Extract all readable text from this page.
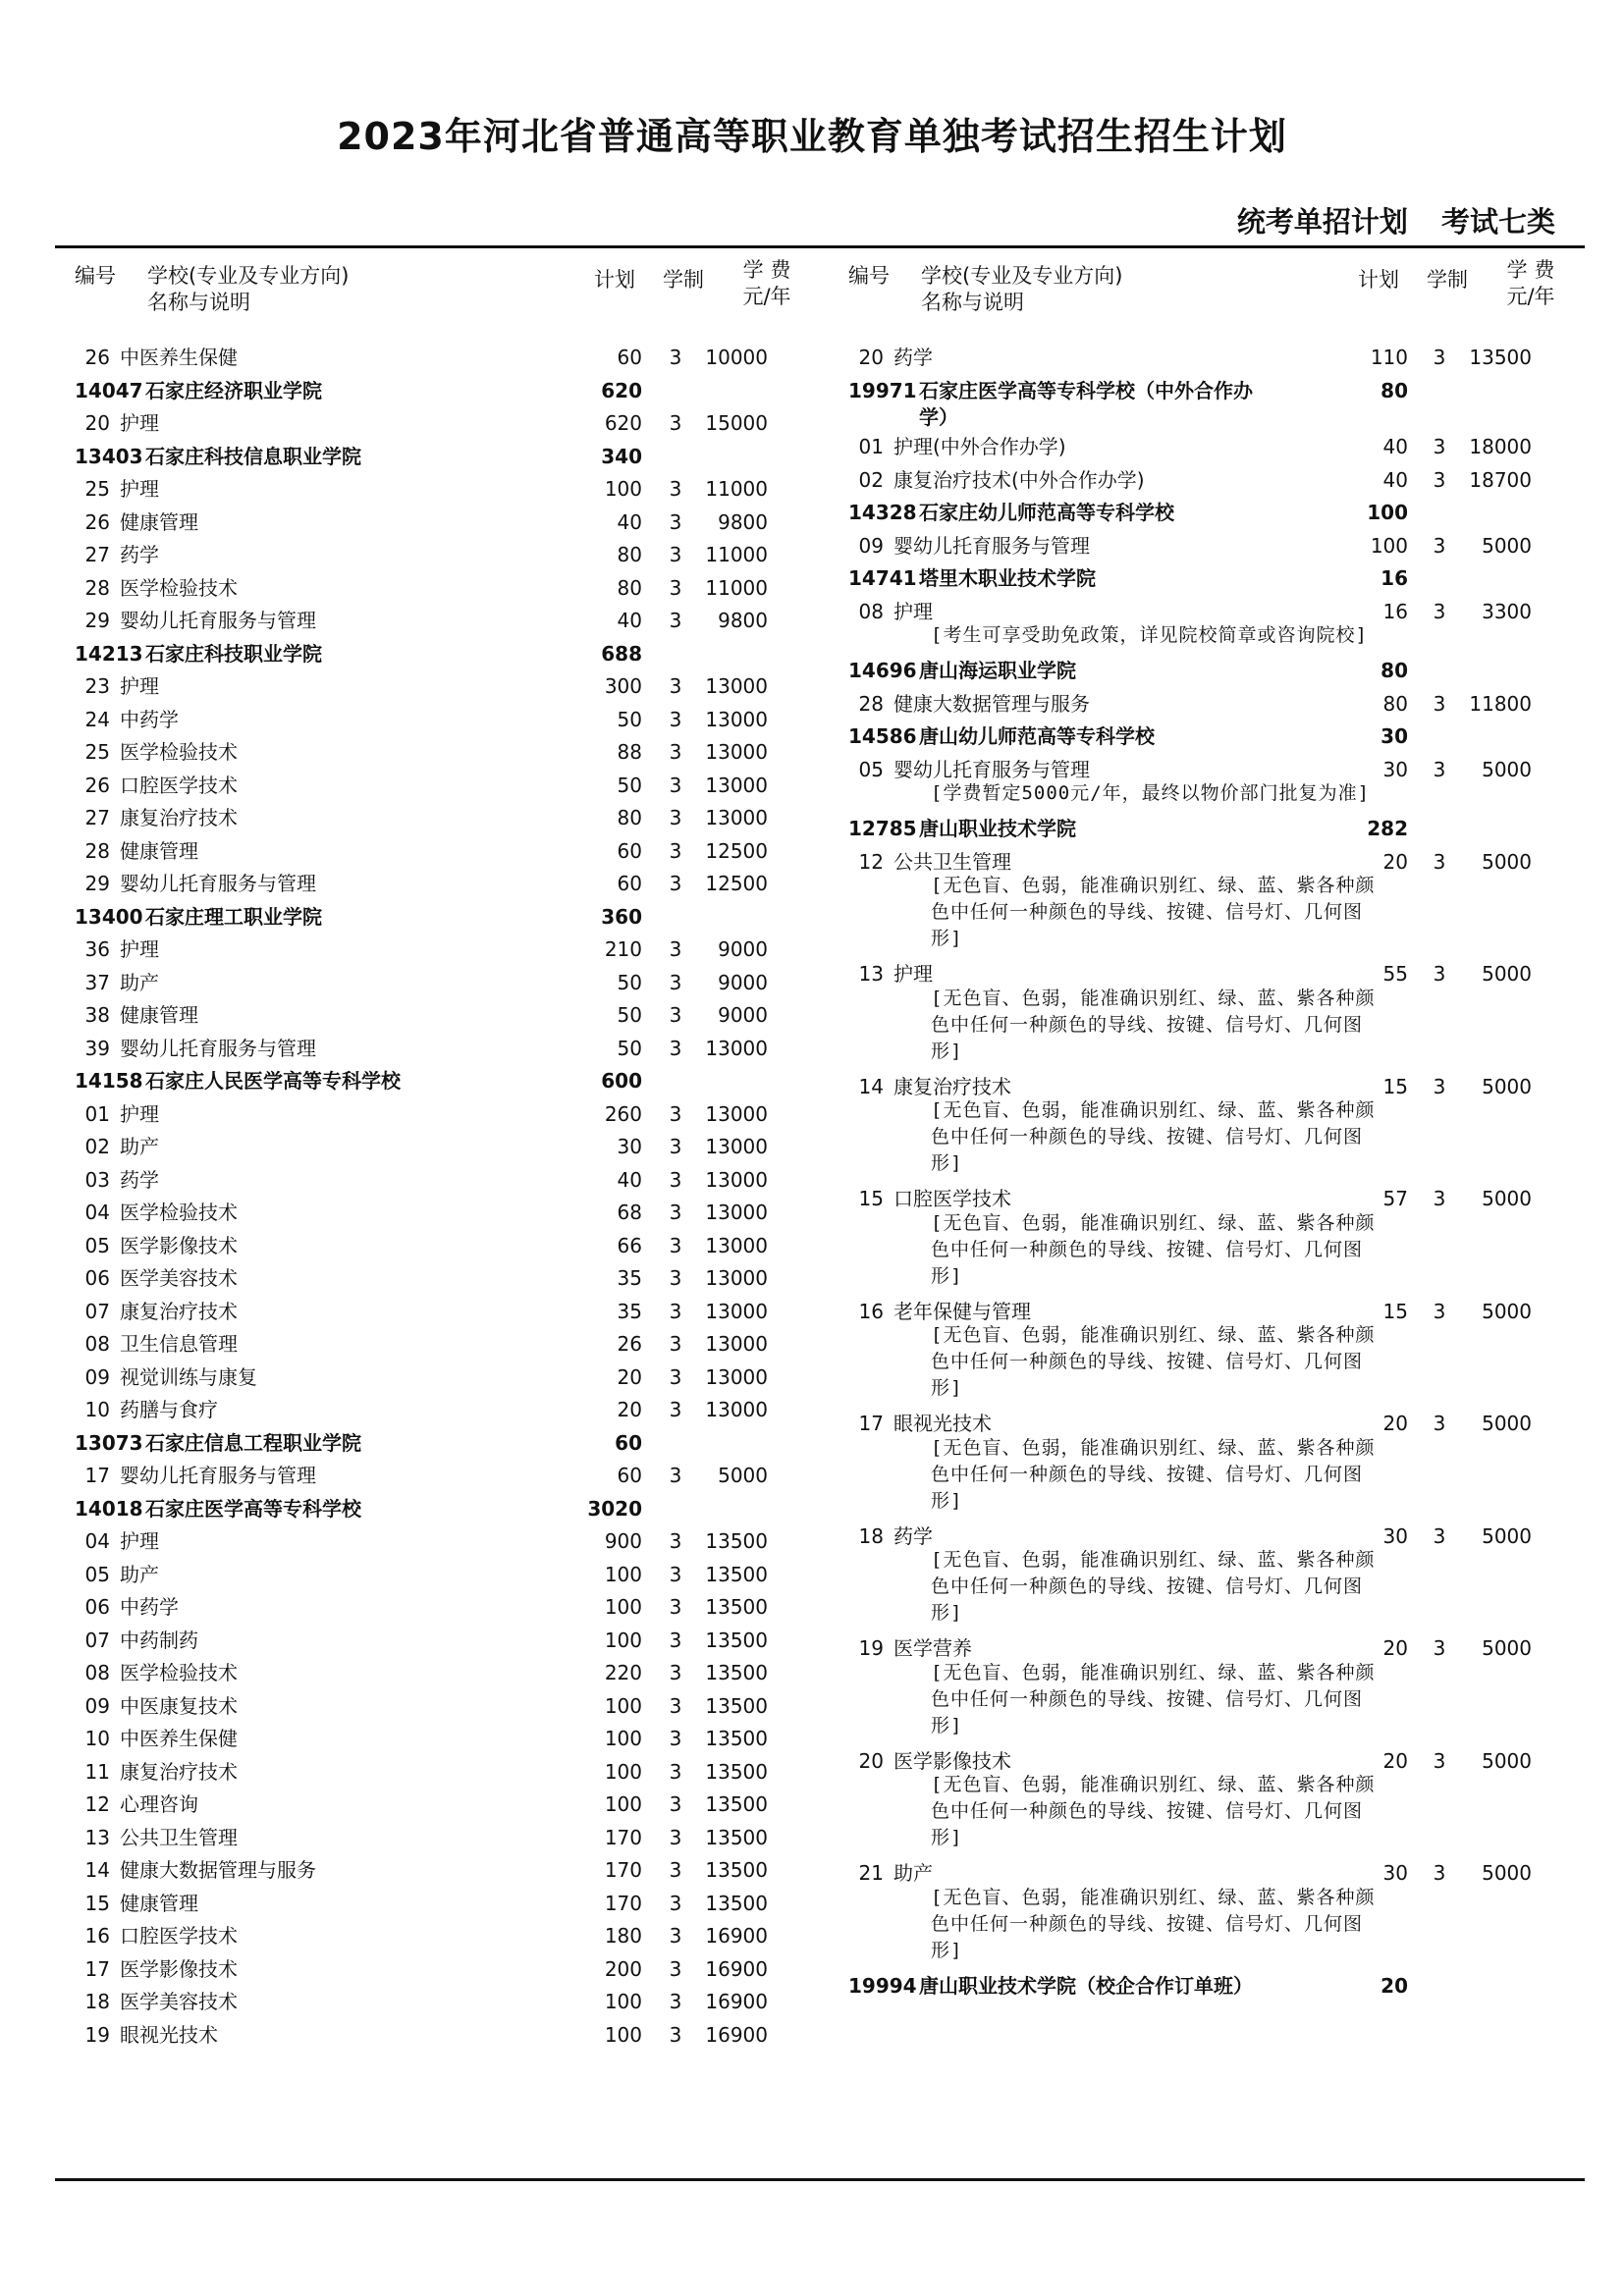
2023年河北省普通高等职业教育单独考试招生招生计划
统考单招计划 考试七类
编号 学校(专业及专业方向)
名称与说明
计划	学制	学 费
元/年
26 中医养生保健	60	3	10000
14047 石家庄经济职业学院	620
20 护理	620	3	15000
13403 石家庄科技信息职业学院	340
25 护理	100	3	11000
26 健康管理	40	3	9800
27 药学	80	3	11000
28 医学检验技术	80	3	11000
29 婴幼儿托育服务与管理	40	3	9800
14213 石家庄科技职业学院	688
23 护理	300	3	13000
24 中药学	50	3	13000
25 医学检验技术	88	3	13000
26 口腔医学技术	50	3	13000
27 康复治疗技术	80	3	13000
28 健康管理	60	3	12500
29 婴幼儿托育服务与管理	60	3	12500
13400 石家庄理工职业学院	360
36 护理	210	3	9000
37 助产	50	3	9000
38 健康管理	50	3	9000
39 婴幼儿托育服务与管理	50	3	13000
14158 石家庄人民医学高等专科学校	600
01 护理	260	3	13000
02 助产	30	3	13000
03 药学	40	3	13000
04 医学检验技术	68	3	13000
05 医学影像技术	66	3	13000
06 医学美容技术	35	3	13000
07 康复治疗技术	35	3	13000
08 卫生信息管理	26	3	13000
09 视觉训练与康复	20	3	13000
10 药膳与食疗	20	3	13000
13073 石家庄信息工程职业学院	60
17 婴幼儿托育服务与管理	60	3	5000
14018 石家庄医学高等专科学校	3020
04 护理	900	3	13500
05 助产	100	3	13500
06 中药学	100	3	13500
07 中药制药	100	3	13500
08 医学检验技术	220	3	13500
09 中医康复技术	100	3	13500
10 中医养生保健	100	3	13500
11 康复治疗技术	100	3	13500
12 心理咨询	100	3	13500
13 公共卫生管理	170	3	13500
14 健康大数据管理与服务	170	3	13500
15 健康管理	170	3	13500
16 口腔医学技术	180	3	16900
17 医学影像技术	200	3	16900
18 医学美容技术	100	3	16900
19 眼视光技术	100	3	16900
编号 学校(专业及专业方向)
名称与说明
计划	学制	学 费
元/年
20 药学	110	3	13500
19971 石家庄医学高等专科学校（中外合作办	80
学）
01 护理(中外合作办学)	40	3	18000
02 康复治疗技术(中外合作办学)	40	3	18700
14328 石家庄幼儿师范高等专科学校	100
09 婴幼儿托育服务与管理	100	3	5000
14741 塔里木职业技术学院	16
08 护理	16	3	3300
[考生可享受助免政策，详见院校简章或咨询院校]
14696 唐山海运职业学院	80
28 健康大数据管理与服务	80	3	11800
14586 唐山幼儿师范高等专科学校	30
05 婴幼儿托育服务与管理	30	3	5000
[学费暂定5000元/年，最终以物价部门批复为准]
12785 唐山职业技术学院	282
12 公共卫生管理	20	3	5000
[无色盲、色弱，能准确识别红、绿、蓝、紫各种颜色中任何一种颜色的导线、按键、信号灯、几何图形]
13 护理	55	3	5000
[无色盲、色弱，能准确识别红、绿、蓝、紫各种颜色中任何一种颜色的导线、按键、信号灯、几何图形]
14 康复治疗技术	15	3	5000
[无色盲、色弱，能准确识别红、绿、蓝、紫各种颜色中任何一种颜色的导线、按键、信号灯、几何图形]
15 口腔医学技术	57	3	5000
[无色盲、色弱，能准确识别红、绿、蓝、紫各种颜色中任何一种颜色的导线、按键、信号灯、几何图形]
16 老年保健与管理	15	3	5000
[无色盲、色弱，能准确识别红、绿、蓝、紫各种颜色中任何一种颜色的导线、按键、信号灯、几何图形]
17 眼视光技术	20	3	5000
[无色盲、色弱，能准确识别红、绿、蓝、紫各种颜色中任何一种颜色的导线、按键、信号灯、几何图形]
18 药学	30	3	5000
[无色盲、色弱，能准确识别红、绿、蓝、紫各种颜色中任何一种颜色的导线、按键、信号灯、几何图形]
19 医学营养	20	3	5000
[无色盲、色弱，能准确识别红、绿、蓝、紫各种颜色中任何一种颜色的导线、按键、信号灯、几何图形]
20 医学影像技术	20	3	5000
[无色盲、色弱，能准确识别红、绿、蓝、紫各种颜色中任何一种颜色的导线、按键、信号灯、几何图形]
21 助产	30	3	5000
[无色盲、色弱，能准确识别红、绿、蓝、紫各种颜色中任何一种颜色的导线、按键、信号灯、几何图形]
19994 唐山职业技术学院（校企合作订单班）	20
